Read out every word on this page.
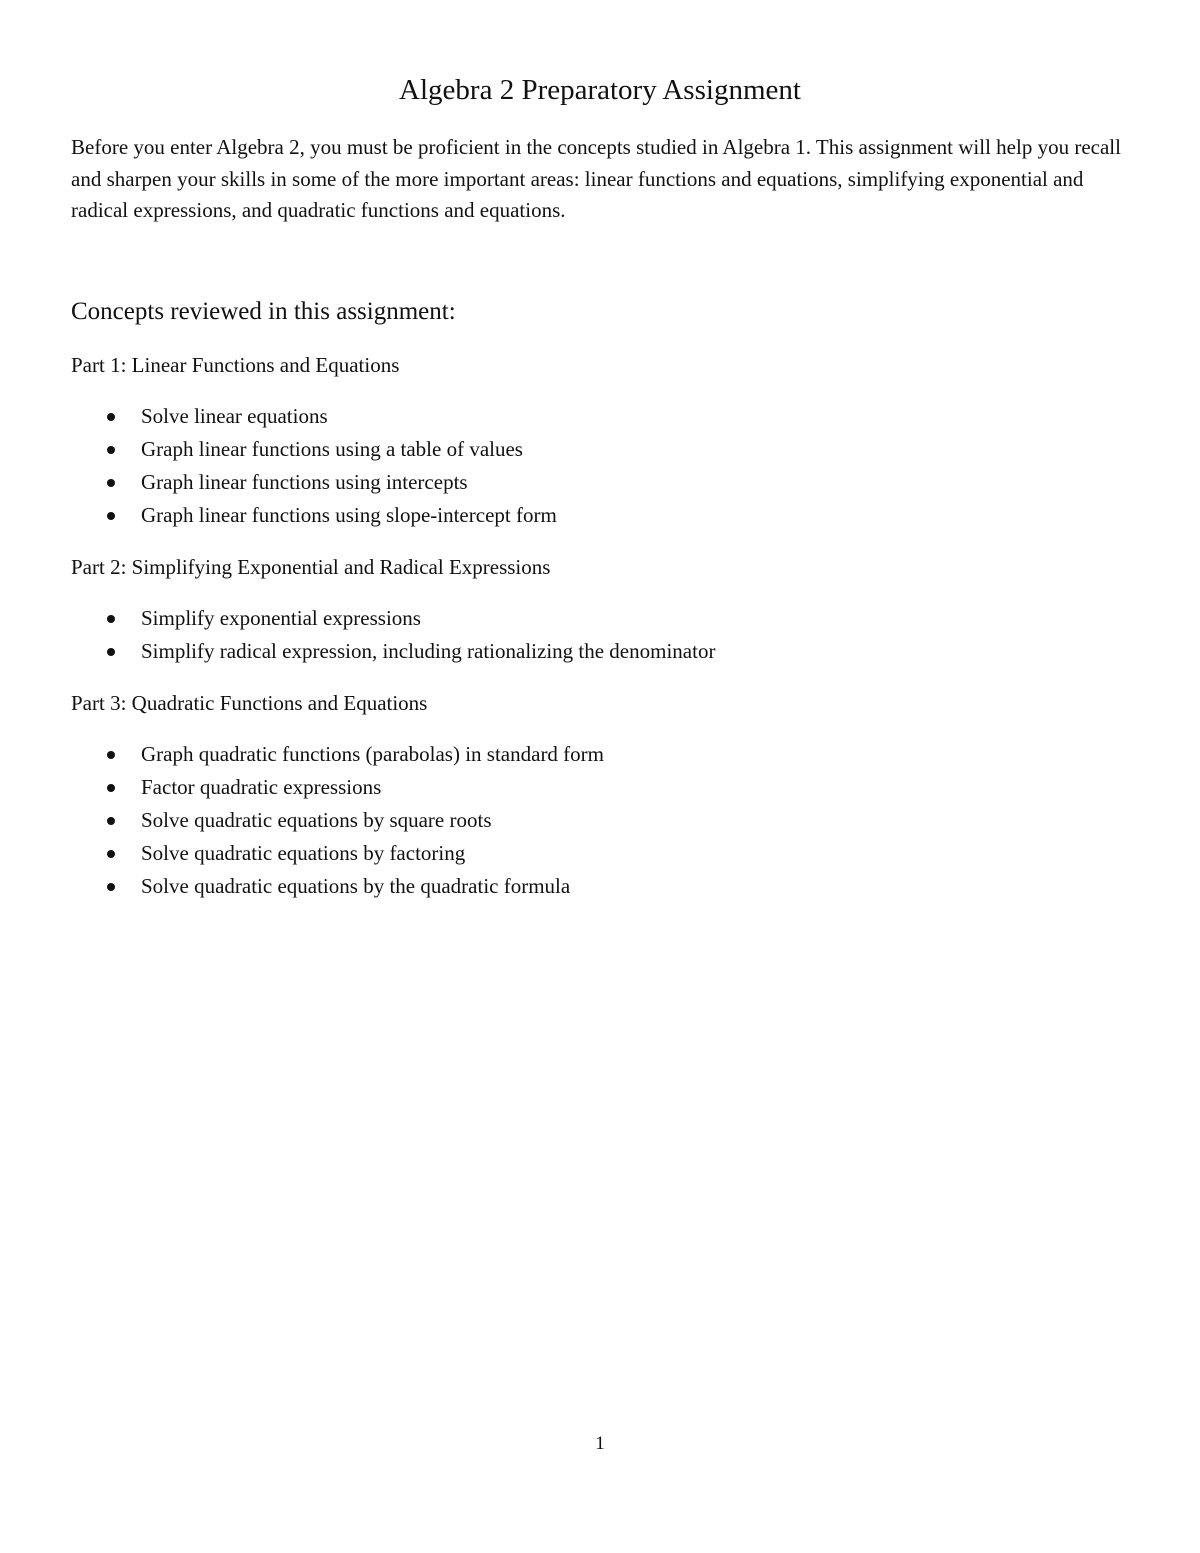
Algebra 2 Preparatory Assignment

Before you enter Algebra 2, you must be proficient in the concepts studied in Algebra 1. This assignment will help you recall and sharpen your skills in some of the more important areas: linear functions and equations, simplifying exponential and radical expressions, and quadratic functions and equations.

Concepts reviewed in this assignment:
Part 1: Linear Functions and Equations
Solve linear equations
Graph linear functions using a table of values
Graph linear functions using intercepts
Graph linear functions using slope-intercept form
Part 2: Simplifying Exponential and Radical Expressions
Simplify exponential expressions
Simplify radical expression, including rationalizing the denominator
Part 3: Quadratic Functions and Equations
Graph quadratic functions (parabolas) in standard form
Factor quadratic expressions
Solve quadratic equations by square roots
Solve quadratic equations by factoring
Solve quadratic equations by the quadratic formula
1
